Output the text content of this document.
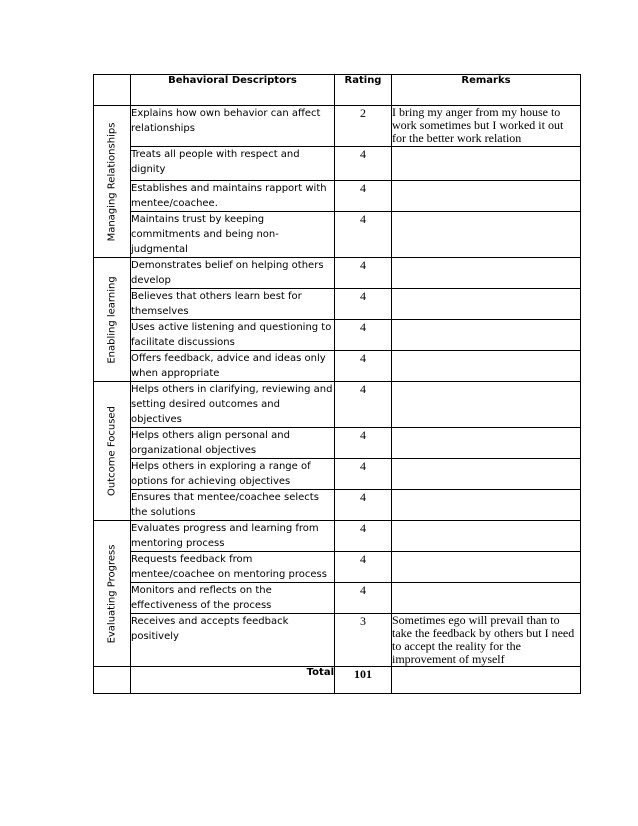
	Behavioral Descriptors	Rating	Remarks

Managing Relationships	Explains how own behavior can affect relationships	2	I bring my anger from my house to work sometimes but I worked it out for the better work relation
	Treats all people with respect and dignity	4	
	Establishes and maintains rapport with mentee/coachee.	4	
	Maintains trust by keeping commitments and being non-judgmental	4	

Enabling learning	Demonstrates belief on helping others develop	4	
	Believes that others learn best for themselves	4	
	Uses active listening and questioning to facilitate discussions	4	
	Offers feedback, advice and ideas only when appropriate	4	

Outcome Focused	Helps others in clarifying, reviewing and setting desired outcomes and objectives	4	
	Helps others align personal and organizational objectives	4	
	Helps others in exploring a range of options for achieving objectives	4	
	Ensures that mentee/coachee selects the solutions	4	

Evaluating Progress	Evaluates progress and learning from mentoring process	4	
	Requests feedback from mentee/coachee on mentoring process	4	
	Monitors and reflects on the effectiveness of the process	4	
	Receives and accepts feedback positively	3	Sometimes ego will prevail than to take the feedback by others but I need to accept the reality for the improvement of myself
	Total	101	
